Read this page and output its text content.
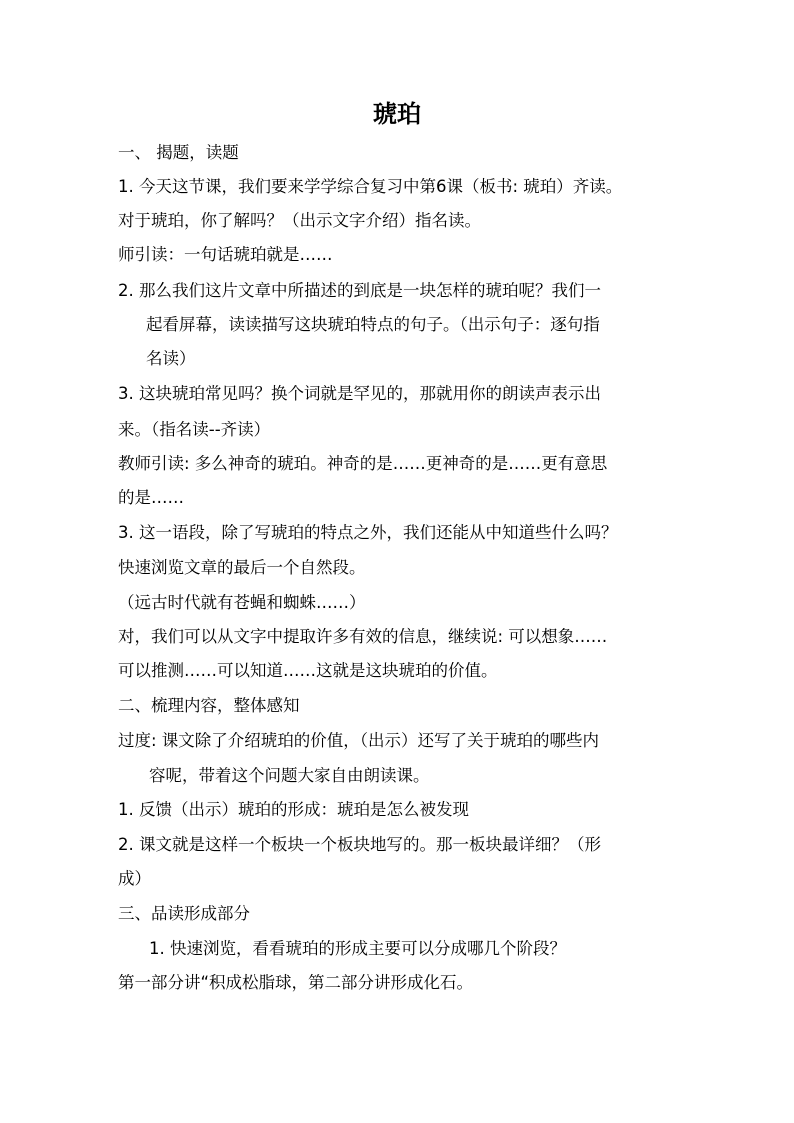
琥珀
一、 揭题，读题
1. 今天这节课，我们要来学学综合复习中第6课（板书: 琥珀）齐读。
对于琥珀，你了解吗？（出示文字介绍）指名读。
师引读：一句话琥珀就是……
2. 那么我们这片文章中所描述的到底是一块怎样的琥珀呢？我们一
起看屏幕，读读描写这块琥珀特点的句子。（出示句子：逐句指
名读）
3. 这块琥珀常见吗？换个词就是罕见的，那就用你的朗读声表示出
来。（指名读--齐读）
教师引读: 多么神奇的琥珀。神奇的是……更神奇的是……更有意思
的是……
3. 这一语段，除了写琥珀的特点之外，我们还能从中知道些什么吗？
快速浏览文章的最后一个自然段。
（远古时代就有苍蝇和蜘蛛……）
对，我们可以从文字中提取许多有效的信息，继续说: 可以想象……
可以推测……可以知道……这就是这块琥珀的价值。
二、梳理内容，整体感知
过度: 课文除了介绍琥珀的价值，（出示）还写了关于琥珀的哪些内
容呢，带着这个问题大家自由朗读课。
1. 反馈（出示）琥珀的形成：琥珀是怎么被发现
2. 课文就是这样一个板块一个板块地写的。那一板块最详细？（形
成）
三、品读形成部分
1. 快速浏览，看看琥珀的形成主要可以分成哪几个阶段？
第一部分讲“积成松脂球，第二部分讲形成化石。
